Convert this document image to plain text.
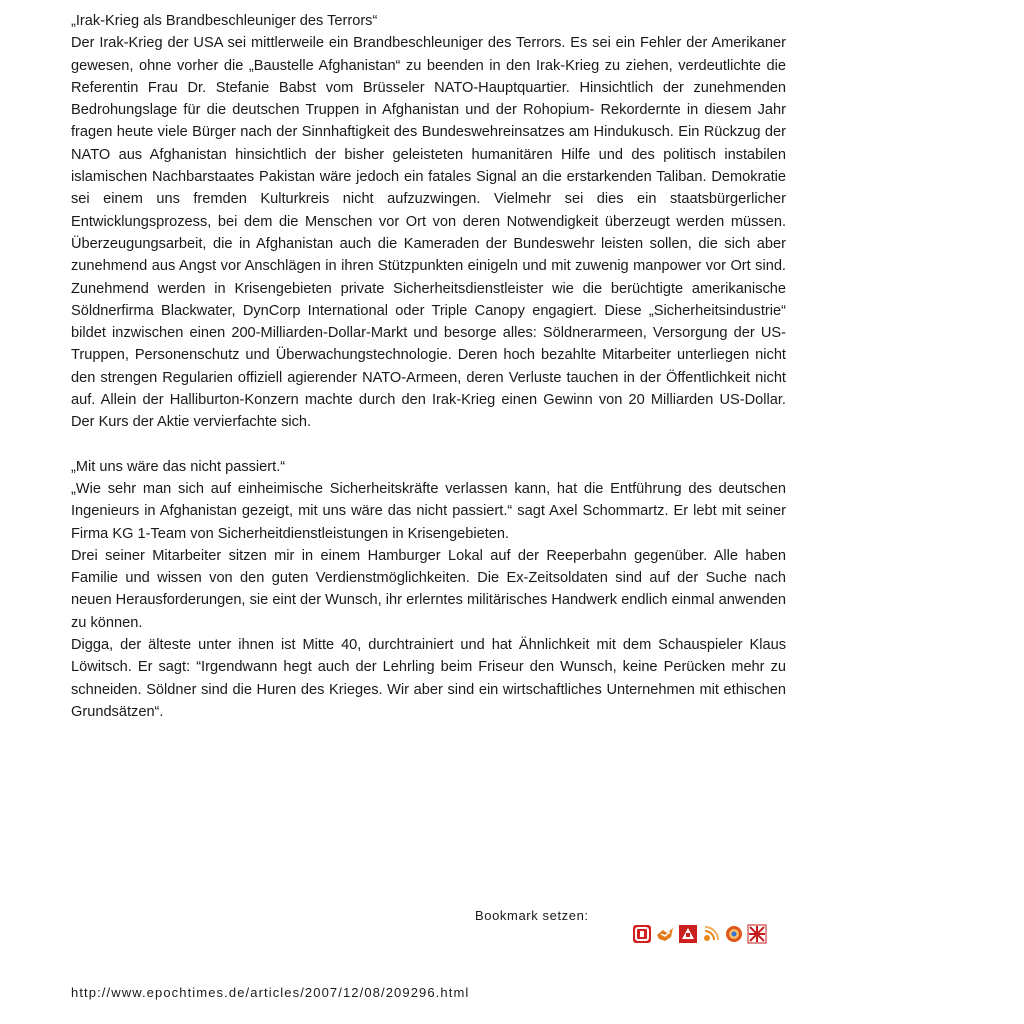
„Irak-Krieg als Brandbeschleuniger des Terrors“

Der Irak-Krieg der USA sei mittlerweile ein Brandbeschleuniger des Terrors. Es sei ein Fehler der Amerikaner gewesen, ohne vorher die „Baustelle Afghanistan“ zu beenden in den Irak-Krieg zu ziehen, verdeutlichte die Referentin Frau Dr. Stefanie Babst vom Brüsseler NATO-Hauptquartier. Hinsichtlich der zunehmenden Bedrohungslage für die deutschen Truppen in Afghanistan und der Rohopium- Rekordernte in diesem Jahr fragen heute viele Bürger nach der Sinnhaftigkeit des Bundeswehreinsatzes am Hindukusch. Ein Rückzug der NATO aus Afghanistan hinsichtlich der bisher geleisteten humanitären Hilfe und des politisch instabilen islamischen Nachbarstaates Pakistan wäre jedoch ein fatales Signal an die erstarkenden Taliban. Demokratie sei einem uns fremden Kulturkreis nicht aufzuzwingen. Vielmehr sei dies ein staatsbürgerlicher Entwicklungsprozess, bei dem die Menschen vor Ort von deren Notwendigkeit überzeugt werden müssen. Überzeugungsarbeit, die in Afghanistan auch die Kameraden der Bundeswehr leisten sollen, die sich aber zunehmend aus Angst vor Anschlägen in ihren Stützpunkten einigeln und mit zuwenig manpower vor Ort sind. Zunehmend werden in Krisengebieten private Sicherheitsdienstleister wie die berüchtigte amerikanische Söldnerfirma Blackwater, DynCorp International oder Triple Canopy engagiert. Diese „Sicherheitsindustrie“ bildet inzwischen einen 200-Milliarden-Dollar-Markt und besorge alles: Söldnerarmeen, Versorgung der US-Truppen, Personenschutz und Überwachungstechnologie. Deren hoch bezahlte Mitarbeiter unterliegen nicht den strengen Regularien offiziell agierender NATO-Armeen, deren Verluste tauchen in der Öffentlichkeit nicht auf. Allein der Halliburton-Konzern machte durch den Irak-Krieg einen Gewinn von 20 Milliarden US-Dollar. Der Kurs der Aktie vervierfachte sich.

„Mit uns wäre das nicht passiert.“

„Wie sehr man sich auf einheimische Sicherheitskräfte verlassen kann, hat die Entführung des deutschen Ingenieurs in Afghanistan gezeigt, mit uns wäre das nicht passiert.“ sagt Axel Schommartz. Er lebt mit seiner Firma KG 1-Team von Sicherheitdienstleistungen in Krisengebieten.

Drei seiner Mitarbeiter sitzen mir in einem Hamburger Lokal auf der Reeperbahn gegenüber. Alle haben Familie und wissen von den guten Verdienstmöglichkeiten. Die Ex-Zeitsoldaten sind auf der Suche nach neuen Herausforderungen, sie eint der Wunsch, ihr erlerntes militärisches Handwerk endlich einmal anwenden zu können.

Digga, der älteste unter ihnen ist Mitte 40, durchtrainiert und hat Ähnlichkeit mit dem Schauspieler Klaus Löwitsch. Er sagt: “Irgendwann hegt auch der Lehrling beim Friseur den Wunsch, keine Perücken mehr zu schneiden. Söldner sind die Huren des Krieges. Wir aber sind ein wirtschaftliches Unternehmen mit ethischen Grundsätzen“.

Bookmark setzen:
http://www.epochtimes.de/articles/2007/12/08/209296.html
